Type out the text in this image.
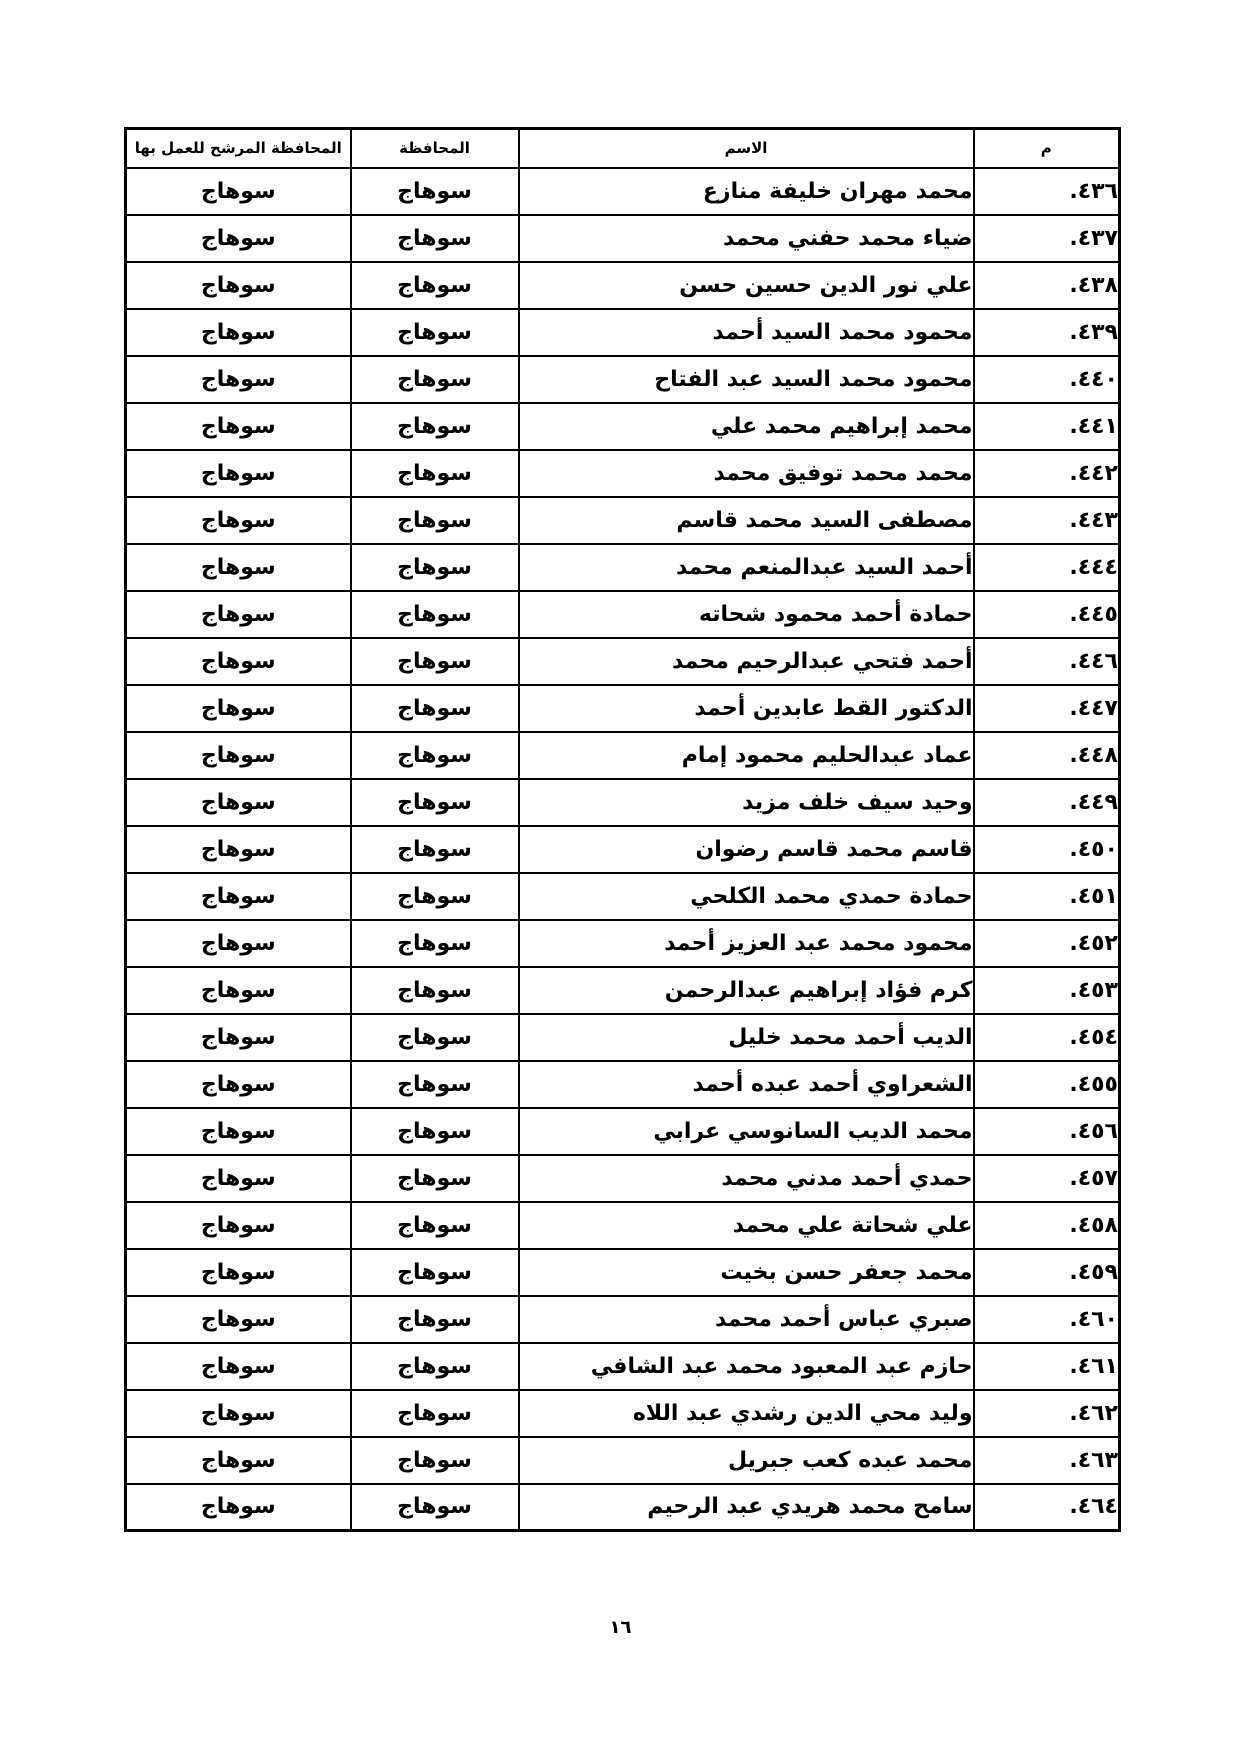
م	الاسم	المحافظة	المحافظة المرشح للعمل بها
٤٣٦.	محمد مهران خليفة منازع	سوهاج	سوهاج
٤٣٧.	ضياء محمد حفني محمد	سوهاج	سوهاج
٤٣٨.	علي نور الدين حسين حسن	سوهاج	سوهاج
٤٣٩.	محمود محمد السيد أحمد	سوهاج	سوهاج
٤٤٠.	محمود محمد السيد عبد الفتاح	سوهاج	سوهاج
٤٤١.	محمد إبراهيم محمد علي	سوهاج	سوهاج
٤٤٢.	محمد محمد توفيق محمد	سوهاج	سوهاج
٤٤٣.	مصطفى السيد محمد قاسم	سوهاج	سوهاج
٤٤٤.	أحمد السيد عبدالمنعم محمد	سوهاج	سوهاج
٤٤٥.	حمادة أحمد محمود شحاته	سوهاج	سوهاج
٤٤٦.	أحمد فتحي عبدالرحيم محمد	سوهاج	سوهاج
٤٤٧.	الدكتور القط عابدين أحمد	سوهاج	سوهاج
٤٤٨.	عماد عبدالحليم محمود إمام	سوهاج	سوهاج
٤٤٩.	وحيد سيف خلف مزيد	سوهاج	سوهاج
٤٥٠.	قاسم محمد قاسم رضوان	سوهاج	سوهاج
٤٥١.	حمادة حمدي محمد الكلحي	سوهاج	سوهاج
٤٥٢.	محمود محمد عبد العزيز أحمد	سوهاج	سوهاج
٤٥٣.	كرم فؤاد إبراهيم عبدالرحمن	سوهاج	سوهاج
٤٥٤.	الديب أحمد محمد خليل	سوهاج	سوهاج
٤٥٥.	الشعراوي أحمد عبده أحمد	سوهاج	سوهاج
٤٥٦.	محمد الديب السانوسي عرابي	سوهاج	سوهاج
٤٥٧.	حمدي أحمد مدني محمد	سوهاج	سوهاج
٤٥٨.	علي شحاتة علي محمد	سوهاج	سوهاج
٤٥٩.	محمد جعفر حسن بخيت	سوهاج	سوهاج
٤٦٠.	صبري عباس أحمد محمد	سوهاج	سوهاج
٤٦١.	حازم عبد المعبود محمد عبد الشافي	سوهاج	سوهاج
٤٦٢.	وليد محي الدين رشدي عبد اللاه	سوهاج	سوهاج
٤٦٣.	محمد عبده كعب جبريل	سوهاج	سوهاج
٤٦٤.	سامح محمد هريدي عبد الرحيم	سوهاج	سوهاج
١٦
